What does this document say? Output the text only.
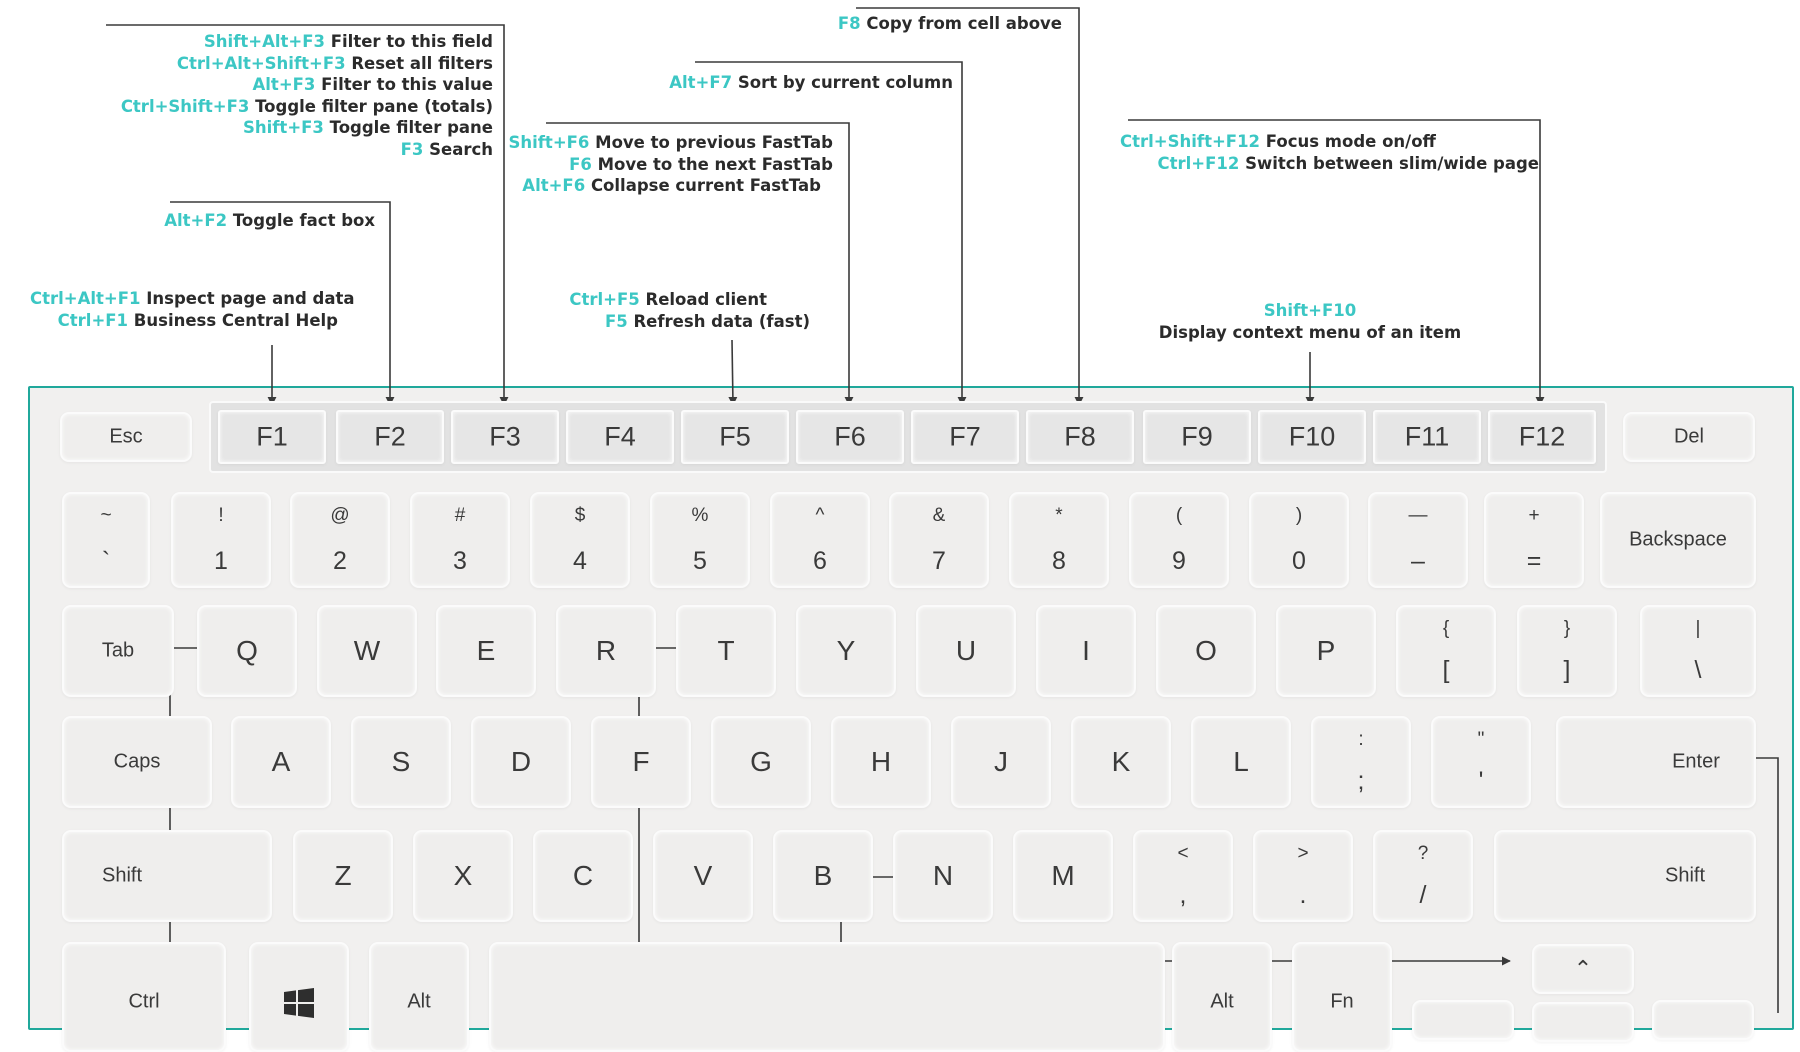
Shift+Alt+F3 Filter to this field
Ctrl+Alt+Shift+F3 Reset all filters
Alt+F3 Filter to this value
Ctrl+Shift+F3 Toggle filter pane (totals)
Shift+F3 Toggle filter pane
F3 Search
Alt+F2 Toggle fact box
Ctrl+Alt+F1 Inspect page and data
Ctrl+F1 Business Central Help
F8 Copy from cell above
Alt+F7 Sort by current column
Shift+F6 Move to previous FastTab
F6 Move to the next FastTab
Alt+F6 Collapse current FastTab
Ctrl+F5 Reload client
F5 Refresh data (fast)
Ctrl+Shift+F12 Focus mode on/off
Ctrl+F12 Switch between slim/wide page
Shift+F10
Display context menu of an item
Esc	F1	F2	F3	F4	F5	F6	F7	F8	F9	F10	F11	F12	Del
~
`
!
1
@
2
#
3
$
4
%
5
^
6
&
7
*
8
(
9
)
0
—
–
+
=
Backspace
Tab	Q	W	E	R	T	Y	U	I	O	P
{
[
}
]
|
\
Caps	A	S	D	F	G	H	J	K	L
:
;
"
'
Enter
Shift	Z	X	C	V	B	N	M
<
,
>
.
?
/
Shift
Ctrl	Alt	Alt	Fn
⌃
